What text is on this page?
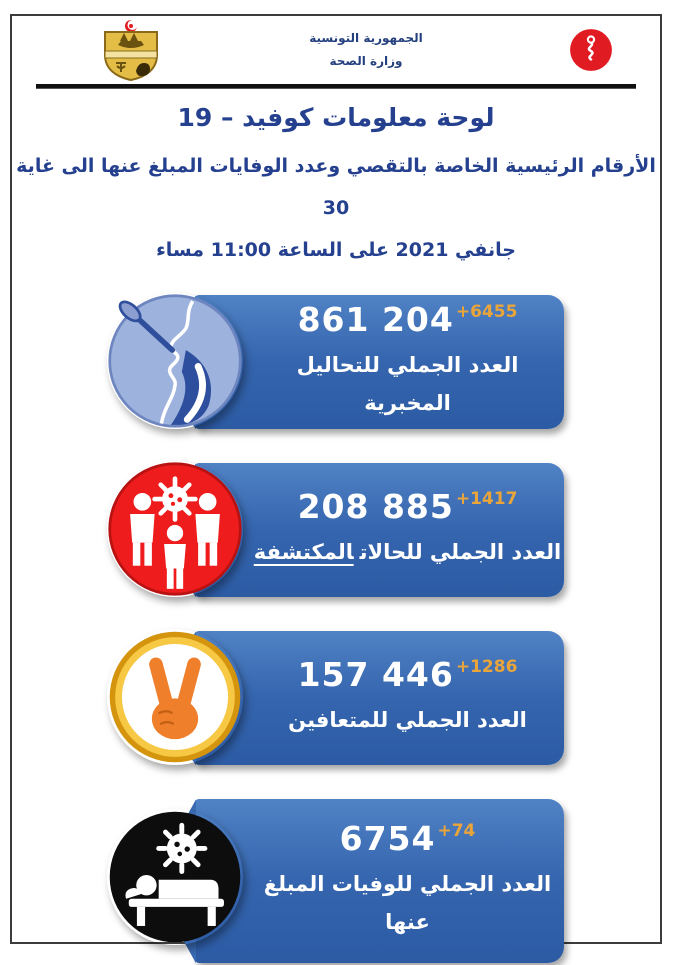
الجمهورية التونسية
وزارة الصحة
لوحة معلومات كوفيد – 19
الأرقام الرئيسية الخاصة بالتقصي وعدد الوفايات المبلغ عنها الى غاية 30
جانفي 2021 على الساعة 11:00 مساء
861 204 $^{+6455}$
العدد الجملي للتحاليل المخبرية
208 885 $^{+1417}$
العدد الجملي للحالاتالمكتشفة
157 446 $^{+1286}$
العدد الجملي للمتعافين
6754 $^{+74}$
العدد الجملي للوفيات المبلغ عنها
